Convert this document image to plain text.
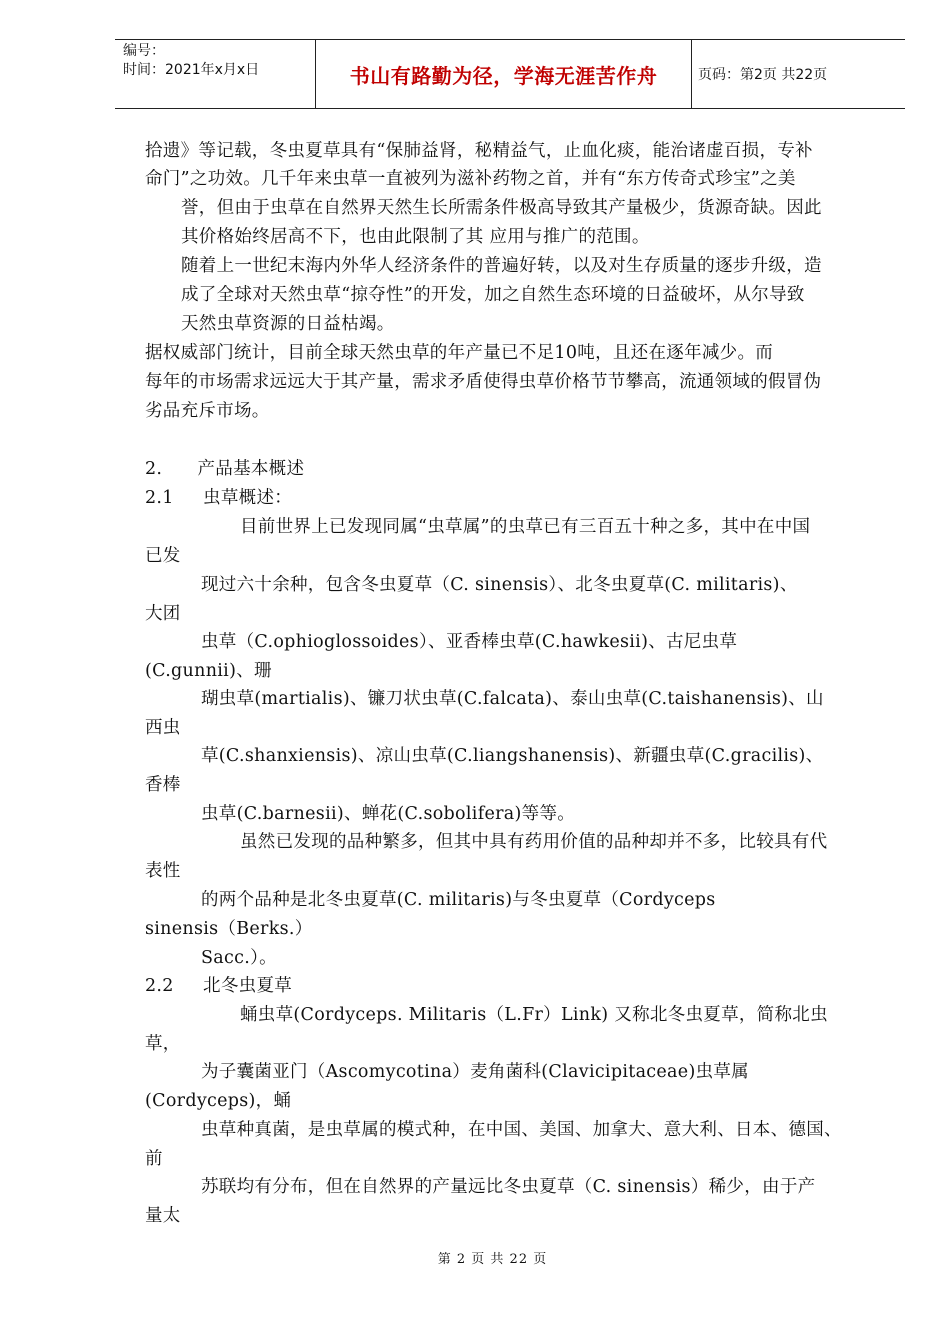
编号：
时间：2021年x月x日	书山有路勤为径，学海无涯苦作舟	页码：第2页 共22页
拾遗》等记载，冬虫夏草具有“保肺益肾，秘精益气，止血化痰，能治诸虚百损，专补
命门”之功效。几千年来虫草一直被列为滋补药物之首，并有“东方传奇式珍宝”之美
誉，但由于虫草在自然界天然生长所需条件极高导致其产量极少，货源奇缺。因此
其价格始终居高不下，也由此限制了其 应用与推广的范围。
随着上一世纪末海内外华人经济条件的普遍好转，以及对生存质量的逐步升级，造
成了全球对天然虫草“掠夺性”的开发，加之自然生态环境的日益破坏，从尔导致
天然虫草资源的日益枯竭。
据权威部门统计，目前全球天然虫草的年产量已不足10吨，且还在逐年减少。而
每年的市场需求远远大于其产量，需求矛盾使得虫草价格节节攀高，流通领域的假冒伪
劣品充斥市场。
2.      产品基本概述
2.1     虫草概述：
目前世界上已发现同属“虫草属”的虫草已有三百五十种之多，其中在中国
已发
现过六十余种，包含冬虫夏草（C. sinensis）、北冬虫夏草(C. militaris)、
大团
虫草（C.ophioglossoides）、亚香棒虫草(C.hawkesii)、古尼虫草
(C.gunnii)、珊
瑚虫草(martialis)、镰刀状虫草(C.falcata)、泰山虫草(C.taishanensis)、山
西虫
草(C.shanxiensis)、凉山虫草(C.liangshanensis)、新疆虫草(C.gracilis)、
香棒
虫草(C.barnesii)、蝉花(C.sobolifera)等等。
虽然已发现的品种繁多，但其中具有药用价值的品种却并不多，比较具有代
表性
的两个品种是北冬虫夏草(C. militaris)与冬虫夏草（Cordyceps
sinensis（Berks.）
Sacc.）。
2.2     北冬虫夏草
蛹虫草(Cordyceps. Militaris（L.Fr）Link) 又称北冬虫夏草，简称北虫
草，
为子囊菌亚门（Ascomycotina）麦角菌科(Clavicipitaceae)虫草属
(Cordyceps)，蛹
虫草种真菌，是虫草属的模式种，在中国、美国、加拿大、意大利、日本、德国、
前
苏联均有分布，但在自然界的产量远比冬虫夏草（C. sinensis）稀少，由于产
量太
第 2 页 共 22 页
